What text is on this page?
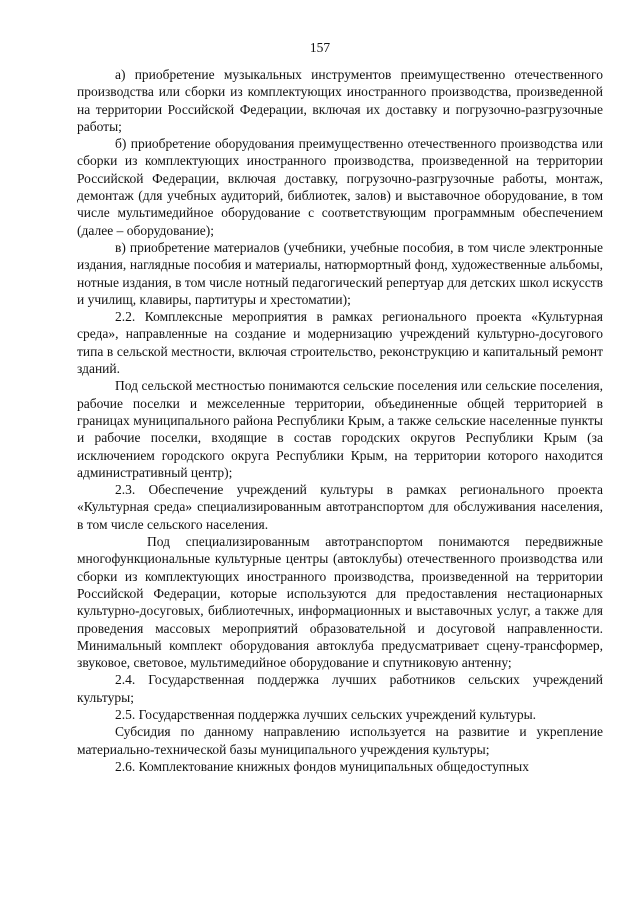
157

а) приобретение музыкальных инструментов преимущественно отечественного производства или сборки из комплектующих иностранного производства, произведенной на территории Российской Федерации, включая их доставку и погрузочно-разгрузочные работы;

б) приобретение оборудования преимущественно отечественного производства или сборки из комплектующих иностранного производства, произведенной на территории Российской Федерации, включая доставку, погрузочно-разгрузочные работы, монтаж, демонтаж (для учебных аудиторий, библиотек, залов) и выставочное оборудование, в том числе мультимедийное оборудование с соответствующим программным обеспечением (далее – оборудование);

в) приобретение материалов (учебники, учебные пособия, в том числе электронные издания, наглядные пособия и материалы, натюрмортный фонд, художественные альбомы, нотные издания, в том числе нотный педагогический репертуар для детских школ искусств и училищ, клавиры, партитуры и хрестоматии);

2.2. Комплексные мероприятия в рамках регионального проекта «Культурная среда», направленные на создание и модернизацию учреждений культурно-досугового типа в сельской местности, включая строительство, реконструкцию и капитальный ремонт зданий.

Под сельской местностью понимаются сельские поселения или сельские поселения, рабочие поселки и межселенные территории, объединенные общей территорией в границах муниципального района Республики Крым, а также сельские населенные пункты и рабочие поселки, входящие в состав городских округов Республики Крым (за исключением городского округа Республики Крым, на территории которого находится административный центр);

2.3. Обеспечение учреждений культуры в рамках регионального проекта «Культурная среда» специализированным автотранспортом для обслуживания населения, в том числе сельского населения.

Под специализированным автотранспортом понимаются передвижные многофункциональные культурные центры (автоклубы) отечественного производства или сборки из комплектующих иностранного производства, произведенной на территории Российской Федерации, которые используются для предоставления нестационарных культурно-досуговых, библиотечных, информационных и выставочных услуг, а также для проведения массовых мероприятий образовательной и досуговой направленности. Минимальный комплект оборудования автоклуба предусматривает сцену-трансформер, звуковое, световое, мультимедийное оборудование и спутниковую антенну;

2.4. Государственная поддержка лучших работников сельских учреждений культуры;

2.5. Государственная поддержка лучших сельских учреждений культуры.

Субсидия по данному направлению используется на развитие и укрепление материально-технической базы муниципального учреждения культуры;

2.6. Комплектование книжных фондов муниципальных общедоступных
